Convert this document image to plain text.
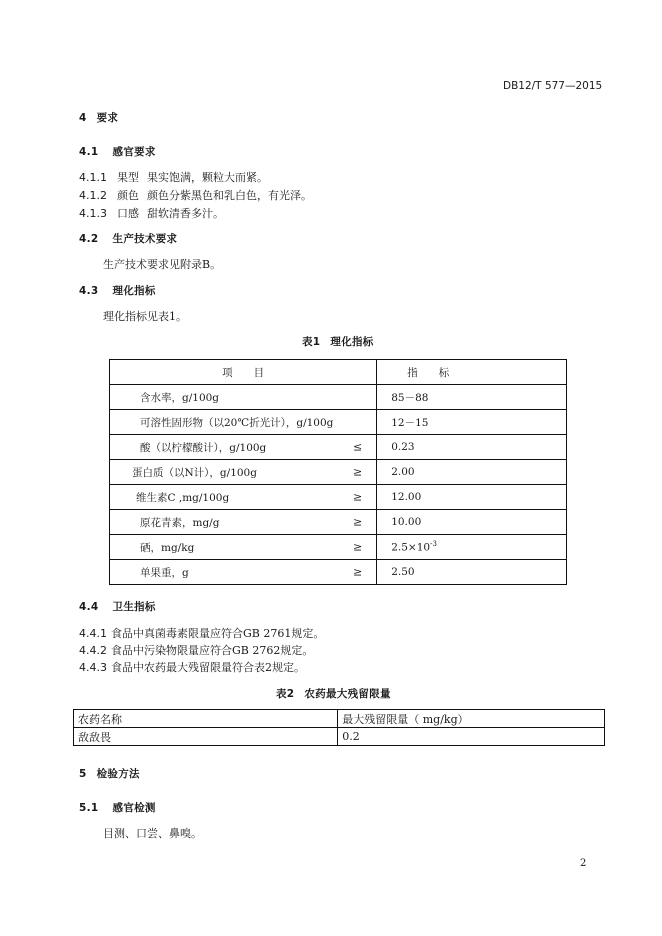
DB12/T 577—2015
4 要求
4.1 感官要求
4.1.1 果型 果实饱满，颗粒大而紧。
4.1.2 颜色 颜色分紫黑色和乳白色，有光泽。
4.1.3 口感 甜软清香多汁。
4.2 生产技术要求
生产技术要求见附录B。
4.3 理化指标
理化指标见表1。
表1 理化指标
项　　目	指　　标
含水率，g/100g	85－88
可溶性固形物（以20℃折光计），g/100g	12－15
酸（以柠檬酸计），g/100g ≤	0.23
蛋白质（以N计），g/100g ≥	2.00
维生素C ,mg/100g ≥	12.00
原花青素，mg/g ≥	10.00
硒，mg/kg ≥	$2.5\times 10^{-3}$
单果重，g ≥	2.50
4.4 卫生指标
4.4.1 食品中真菌毒素限量应符合GB 2761规定。
4.4.2 食品中污染物限量应符合GB 2762规定。
4.4.3 食品中农药最大残留限量符合表2规定。
表2 农药最大残留限量
农药名称	最大残留限量（ mg/kg）
敌敌畏	0.2
5 检验方法
5.1 感官检测
目测、口尝、鼻嗅。
2
